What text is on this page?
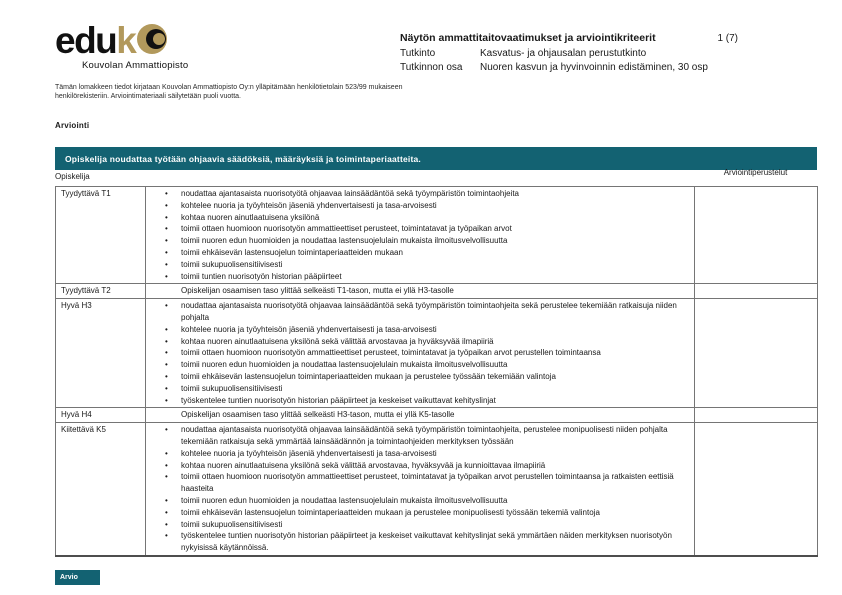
edu k
Kouvolan Ammattiopisto
Näytön ammattitaitovaatimukset ja arviointikriteerit	1 (7)
Tutkinto	Kasvatus- ja ohjausalan perustutkinto
Tutkinnon osa	Nuoren kasvun ja hyvinvoinnin edistäminen, 30 osp
Tämän lomakkeen tiedot kirjataan Kouvolan Ammattiopisto Oy:n ylläpitämään henkilötietolain 523/99 mukaiseen henkilörekisteriin. Arviointimateriaali säilytetään puoli vuotta.
Arviointi
Opiskelija noudattaa työtään ohjaavia säädöksiä, määräyksiä ja toimintaperiaatteita.
Opiskelija	Arviointiperustelut
Tyydyttävä T1	
•noudattaa ajantasaista nuorisotyötä ohjaavaa lainsäädäntöä sekä työympäristön toimintaohjeita
• kohtelee nuoria ja työyhteisön jäseniä yhdenvertaisesti ja tasa-arvoisesti
• kohtaa nuoren ainutlaatuisena yksilönä
• toimii ottaen huomioon nuorisotyön ammattieettiset perusteet, toimintatavat ja työpaikan arvot
• toimii nuoren edun huomioiden ja noudattaa lastensuojelulain mukaista ilmoitusvelvollisuutta
• toimii ehkäisevän lastensuojelun toimintaperiaatteiden mukaan
• toimii sukupuolisensitiivisesti
• toimii tuntien nuorisotyön historian pääpiirteet

Tyydyttävä T2	Opiskelijan osaamisen taso ylittää selkeästi T1-tason, mutta ei yllä H3-tasolle	

Hyvä H3	
•noudattaa ajantasaista nuorisotyötä ohjaavaa lainsäädäntöä sekä työympäristön toimintaohjeita sekä perustelee tekemiään ratkaisuja niiden pohjalta
• kohtelee nuoria ja työyhteisön jäseniä yhdenvertaisesti ja tasa-arvoisesti
• kohtaa nuoren ainutlaatuisena yksilönä sekä välittää arvostavaa ja hyväksyvää ilmapiiriä
• toimii ottaen huomioon nuorisotyön ammattieettiset perusteet, toimintatavat ja työpaikan arvot perustellen toimintaansa
• toimii nuoren edun huomioiden ja noudattaa lastensuojelulain mukaista ilmoitusvelvollisuutta
• toimii ehkäisevän lastensuojelun toimintaperiaatteiden mukaan ja perustelee työssään tekemiään valintoja
• toimii sukupuolisensitiivisesti
• työskentelee tuntien nuorisotyön historian pääpiirteet ja keskeiset vaikuttavat kehityslinjat

Hyvä H4	Opiskelijan osaamisen taso ylittää selkeästi H3-tason, mutta ei yllä K5-tasolle	

Kiitettävä K5	
•noudattaa ajantasaista nuorisotyötä ohjaavaa lainsäädäntöä sekä työympäristön toimintaohjeita, perustelee monipuolisesti niiden pohjalta tekemiään ratkaisuja sekä ymmärtää lainsäädännön ja toimintaohjeiden merkityksen työssään
• kohtelee nuoria ja työyhteisön jäseniä yhdenvertaisesti ja tasa-arvoisesti
• kohtaa nuoren ainutlaatuisena yksilönä sekä välittää arvostavaa, hyväksyvää ja kunnioittavaa ilmapiiriä
• toimii ottaen huomioon nuorisotyön ammattieettiset perusteet, toimintatavat ja työpaikan arvot perustellen toimintaansa ja ratkaisten eettisiä haasteita
• toimii nuoren edun huomioiden ja noudattaa lastensuojelulain mukaista ilmoitusvelvollisuutta
• toimii ehkäisevän lastensuojelun toimintaperiaatteiden mukaan ja perustelee monipuolisesti työssään tekemiä valintoja
• toimii sukupuolisensitiivisesti
• työskentelee tuntien nuorisotyön historian pääpiirteet ja keskeiset vaikuttavat kehityslinjat sekä ymmärtäen näiden merkityksen nuorisotyön nykyisissä käytännöissä.

Arvio
